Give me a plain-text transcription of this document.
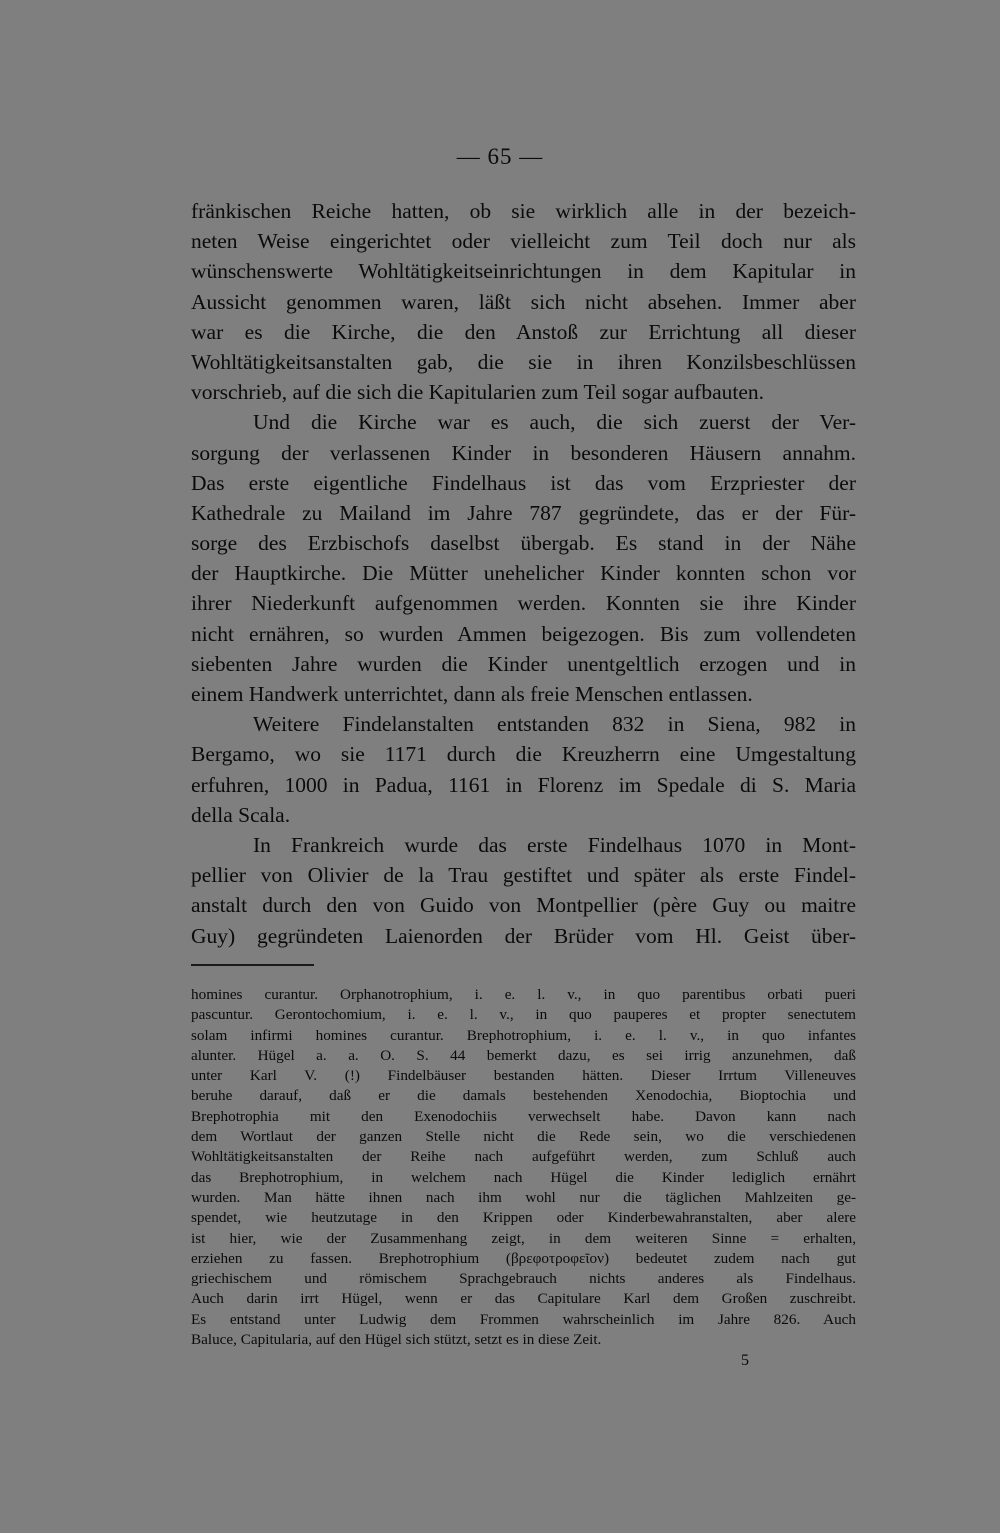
— 65 —
fränkischen Reiche hatten, ob sie wirklich alle in der bezeich-
neten Weise eingerichtet oder vielleicht zum Teil doch nur als
wünschenswerte Wohltätigkeitseinrichtungen in dem Kapitular in
Aussicht genommen waren, läßt sich nicht absehen. Immer aber
war es die Kirche, die den Anstoß zur Errichtung all dieser
Wohltätigkeitsanstalten gab, die sie in ihren Konzilsbeschlüssen
vorschrieb, auf die sich die Kapitularien zum Teil sogar aufbauten.
Und die Kirche war es auch, die sich zuerst der Ver-
sorgung der verlassenen Kinder in besonderen Häusern annahm.
Das erste eigentliche Findelhaus ist das vom Erzpriester der
Kathedrale zu Mailand im Jahre 787 gegründete, das er der Für-
sorge des Erzbischofs daselbst übergab. Es stand in der Nähe
der Hauptkirche. Die Mütter unehelicher Kinder konnten schon vor
ihrer Niederkunft aufgenommen werden. Konnten sie ihre Kinder
nicht ernähren, so wurden Ammen beigezogen. Bis zum vollendeten
siebenten Jahre wurden die Kinder unentgeltlich erzogen und in
einem Handwerk unterrichtet, dann als freie Menschen entlassen.
Weitere Findelanstalten entstanden 832 in Siena, 982 in
Bergamo, wo sie 1171 durch die Kreuzherrn eine Umgestaltung
erfuhren, 1000 in Padua, 1161 in Florenz im Spedale di S. Maria
della Scala.
In Frankreich wurde das erste Findelhaus 1070 in Mont-
pellier von Olivier de la Trau gestiftet und später als erste Findel-
anstalt durch den von Guido von Montpellier (père Guy ou maitre
Guy) gegründeten Laienorden der Brüder vom Hl. Geist über-
homines curantur. Orphanotrophium, i. e. l. v., in quo parentibus orbati pueri
pascuntur. Gerontochomium, i. e. l. v., in quo pauperes et propter senectutem
solam infirmi homines curantur. Brephotrophium, i. e. l. v., in quo infantes
alunter. Hügel a. a. O. S. 44 bemerkt dazu, es sei irrig anzunehmen, daß
unter Karl V. (!) Findelbäuser bestanden hätten. Dieser Irrtum Villeneuves
beruhe darauf, daß er die damals bestehenden Xenodochia, Bioptochia und
Brephotrophia mit den Exenodochiis verwechselt habe. Davon kann nach
dem Wortlaut der ganzen Stelle nicht die Rede sein, wo die verschiedenen
Wohltätigkeitsanstalten der Reihe nach aufgeführt werden, zum Schluß auch
das Brephotrophium, in welchem nach Hügel die Kinder lediglich ernährt
wurden. Man hätte ihnen nach ihm wohl nur die täglichen Mahlzeiten ge-
spendet, wie heutzutage in den Krippen oder Kinderbewahranstalten, aber alere
ist hier, wie der Zusammenhang zeigt, in dem weiteren Sinne = erhalten,
erziehen zu fassen. Brephotrophium (βρεφοτροφεῖον) bedeutet zudem nach gut
griechischem und römischem Sprachgebrauch nichts anderes als Findelhaus.
Auch darin irrt Hügel, wenn er das Capitulare Karl dem Großen zuschreibt.
Es entstand unter Ludwig dem Frommen wahrscheinlich im Jahre 826. Auch
Baluce, Capitularia, auf den Hügel sich stützt, setzt es in diese Zeit.
5
